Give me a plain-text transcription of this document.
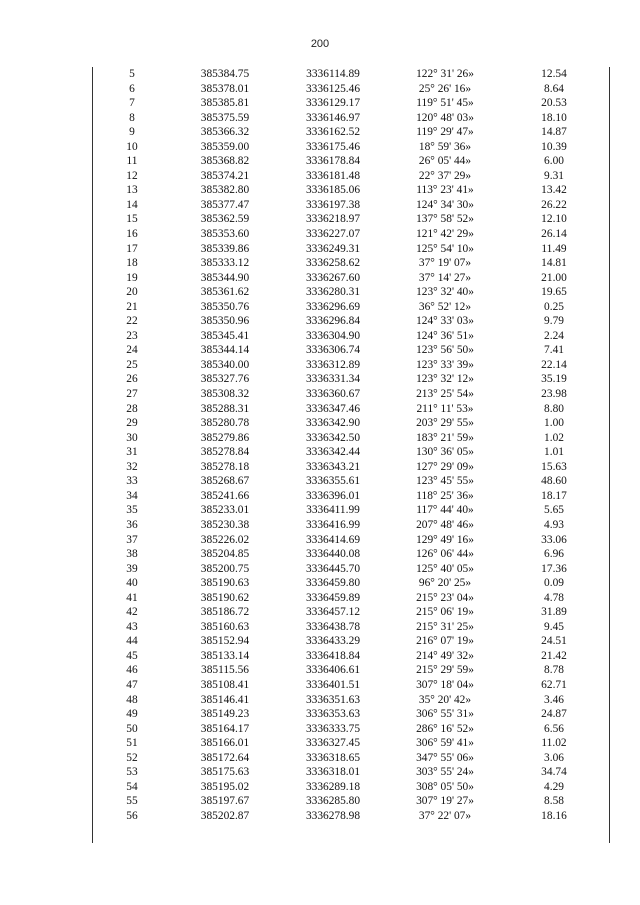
200
5	385384.75	3336114.89	122° 31' 26»	12.54
6	385378.01	3336125.46	25° 26' 16»	8.64
7	385385.81	3336129.17	119° 51' 45»	20.53
8	385375.59	3336146.97	120° 48' 03»	18.10
9	385366.32	3336162.52	119° 29' 47»	14.87
10	385359.00	3336175.46	18° 59' 36»	10.39
11	385368.82	3336178.84	26° 05' 44»	6.00
12	385374.21	3336181.48	22° 37' 29»	9.31
13	385382.80	3336185.06	113° 23' 41»	13.42
14	385377.47	3336197.38	124° 34' 30»	26.22
15	385362.59	3336218.97	137° 58' 52»	12.10
16	385353.60	3336227.07	121° 42' 29»	26.14
17	385339.86	3336249.31	125° 54' 10»	11.49
18	385333.12	3336258.62	37° 19' 07»	14.81
19	385344.90	3336267.60	37° 14' 27»	21.00
20	385361.62	3336280.31	123° 32' 40»	19.65
21	385350.76	3336296.69	36° 52' 12»	0.25
22	385350.96	3336296.84	124° 33' 03»	9.79
23	385345.41	3336304.90	124° 36' 51»	2.24
24	385344.14	3336306.74	123° 56' 50»	7.41
25	385340.00	3336312.89	123° 33' 39»	22.14
26	385327.76	3336331.34	123° 32' 12»	35.19
27	385308.32	3336360.67	213° 25' 54»	23.98
28	385288.31	3336347.46	211° 11' 53»	8.80
29	385280.78	3336342.90	203° 29' 55»	1.00
30	385279.86	3336342.50	183° 21' 59»	1.02
31	385278.84	3336342.44	130° 36' 05»	1.01
32	385278.18	3336343.21	127° 29' 09»	15.63
33	385268.67	3336355.61	123° 45' 55»	48.60
34	385241.66	3336396.01	118° 25' 36»	18.17
35	385233.01	3336411.99	117° 44' 40»	5.65
36	385230.38	3336416.99	207° 48' 46»	4.93
37	385226.02	3336414.69	129° 49' 16»	33.06
38	385204.85	3336440.08	126° 06' 44»	6.96
39	385200.75	3336445.70	125° 40' 05»	17.36
40	385190.63	3336459.80	96° 20' 25»	0.09
41	385190.62	3336459.89	215° 23' 04»	4.78
42	385186.72	3336457.12	215° 06' 19»	31.89
43	385160.63	3336438.78	215° 31' 25»	9.45
44	385152.94	3336433.29	216° 07' 19»	24.51
45	385133.14	3336418.84	214° 49' 32»	21.42
46	385115.56	3336406.61	215° 29' 59»	8.78
47	385108.41	3336401.51	307° 18' 04»	62.71
48	385146.41	3336351.63	35° 20' 42»	3.46
49	385149.23	3336353.63	306° 55' 31»	24.87
50	385164.17	3336333.75	286° 16' 52»	6.56
51	385166.01	3336327.45	306° 59' 41»	11.02
52	385172.64	3336318.65	347° 55' 06»	3.06
53	385175.63	3336318.01	303° 55' 24»	34.74
54	385195.02	3336289.18	308° 05' 50»	4.29
55	385197.67	3336285.80	307° 19' 27»	8.58
56	385202.87	3336278.98	37° 22' 07»	18.16
